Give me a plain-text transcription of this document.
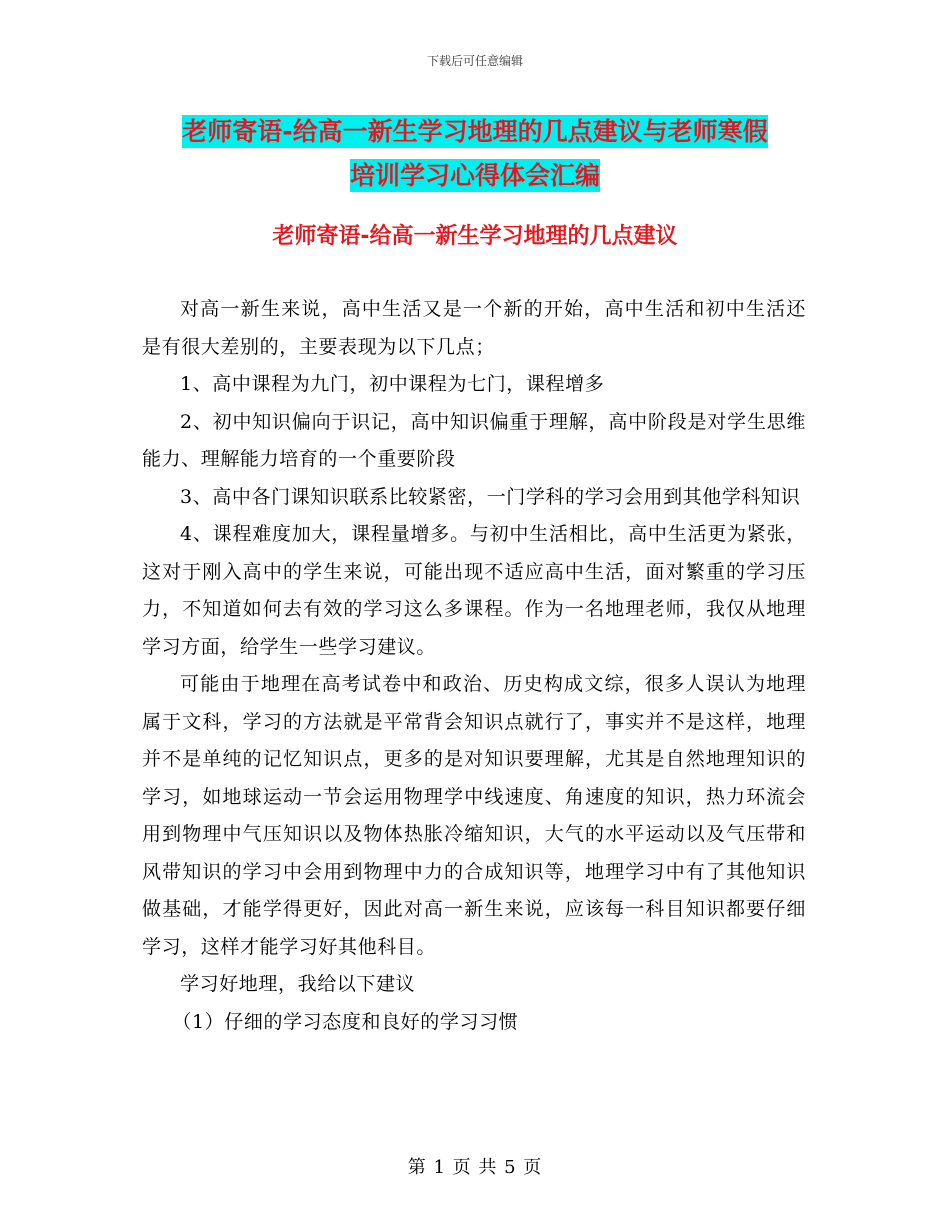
下载后可任意编辑
老师寄语-给高一新生学习地理的几点建议与老师寒假
培训学习心得体会汇编
老师寄语-给高一新生学习地理的几点建议

对高一新生来说，高中生活又是一个新的开始，高中生活和初中生活还是有很大差别的，主要表现为以下几点；

1、高中课程为九门，初中课程为七门，课程增多

2、初中知识偏向于识记，高中知识偏重于理解，高中阶段是对学生思维能力、理解能力培育的一个重要阶段

3、高中各门课知识联系比较紧密，一门学科的学习会用到其他学科知识

4、课程难度加大，课程量增多。与初中生活相比，高中生活更为紧张，这对于刚入高中的学生来说，可能出现不适应高中生活，面对繁重的学习压力，不知道如何去有效的学习这么多课程。作为一名地理老师，我仅从地理学习方面，给学生一些学习建议。

可能由于地理在高考试卷中和政治、历史构成文综，很多人误认为地理属于文科，学习的方法就是平常背会知识点就行了，事实并不是这样，地理并不是单纯的记忆知识点，更多的是对知识要理解，尤其是自然地理知识的学习，如地球运动一节会运用物理学中线速度、角速度的知识，热力环流会用到物理中气压知识以及物体热胀冷缩知识，大气的水平运动以及气压带和风带知识的学习中会用到物理中力的合成知识等，地理学习中有了其他知识做基础，才能学得更好，因此对高一新生来说，应该每一科目知识都要仔细学习，这样才能学习好其他科目。

学习好地理，我给以下建议

（1）仔细的学习态度和良好的学习习惯

第 1 页 共 5 页
